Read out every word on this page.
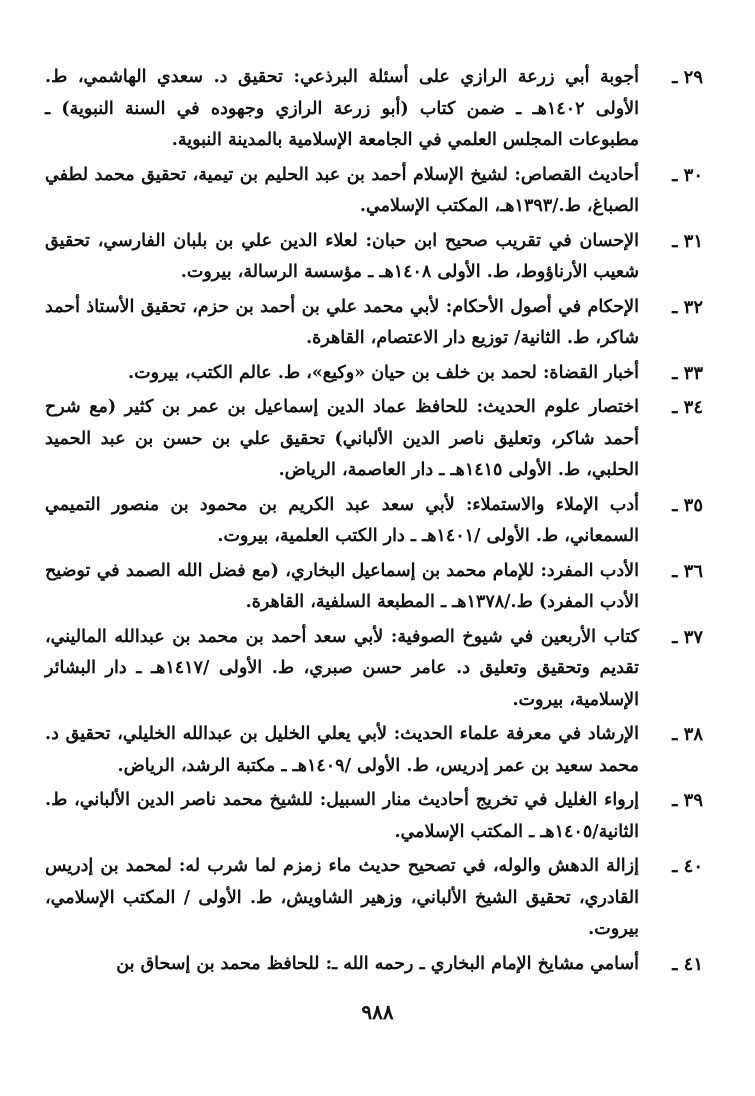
٢٩ ـ
أجوبة أبي زرعة الرازي على أسئلة البرذعي: تحقيق د. سعدي الهاشمي، ط. الأولى ١٤٠٢هـ ـ ضمن كتاب (أبو زرعة الرازي وجهوده في السنة النبوية) ـ مطبوعات المجلس العلمي في الجامعة الإسلامية بالمدينة النبوية.
٣٠ ـ
أحاديث القصاص: لشيخ الإسلام أحمد بن عبد الحليم بن تيمية، تحقيق محمد لطفي الصباغ، ط./١٣٩٣هـ، المكتب الإسلامي.
٣١ ـ
الإحسان في تقريب صحيح ابن حبان: لعلاء الدين علي بن بلبان الفارسي، تحقيق شعيب الأرناؤوط، ط. الأولى ١٤٠٨هـ ـ مؤسسة الرسالة، بيروت.
٣٢ ـ
الإحكام في أصول الأحكام: لأبي محمد علي بن أحمد بن حزم، تحقيق الأستاذ أحمد شاكر، ط. الثانية/ توزيع دار الاعتصام، القاهرة.
٣٣ ـ
أخبار القضاة: لحمد بن خلف بن حيان «وكيع»، ط. عالم الكتب، بيروت.
٣٤ ـ
اختصار علوم الحديث: للحافظ عماد الدين إسماعيل بن عمر بن كثير (مع شرح أحمد شاكر، وتعليق ناصر الدين الألباني) تحقيق علي بن حسن بن عبد الحميد الحلبي، ط. الأولى ١٤١٥هـ ـ دار العاصمة، الرياض.
٣٥ ـ
أدب الإملاء والاستملاء: لأبي سعد عبد الكريم بن محمود بن منصور التميمي السمعاني، ط. الأولى /١٤٠١هـ ـ دار الكتب العلمية، بيروت.
٣٦ ـ
الأدب المفرد: للإمام محمد بن إسماعيل البخاري، (مع فضل الله الصمد في توضيح الأدب المفرد) ط./١٣٧٨هـ ـ المطبعة السلفية، القاهرة.
٣٧ ـ
كتاب الأربعين في شيوخ الصوفية: لأبي سعد أحمد بن محمد بن عبدالله الماليني، تقديم وتحقيق وتعليق د. عامر حسن صبري، ط. الأولى /١٤١٧هـ ـ دار البشائر الإسلامية، بيروت.
٣٨ ـ
الإرشاد في معرفة علماء الحديث: لأبي يعلي الخليل بن عبدالله الخليلي، تحقيق د. محمد سعيد بن عمر إدريس، ط. الأولى /١٤٠٩هـ ـ مكتبة الرشد، الرياض.
٣٩ ـ
إرواء الغليل في تخريج أحاديث منار السبيل: للشيخ محمد ناصر الدين الألباني، ط. الثانية/١٤٠٥هـ ـ المكتب الإسلامي.
٤٠ ـ
إزالة الدهش والوله، في تصحيح حديث ماء زمزم لما شرب له: لمحمد بن إدريس القادري، تحقيق الشيخ الألباني، وزهير الشاويش، ط. الأولى / المكتب الإسلامي، بيروت.
٤١ ـ
أسامي مشايخ الإمام البخاري ـ رحمه الله ـ: للحافظ محمد بن إسحاق بن
٩٨٨
